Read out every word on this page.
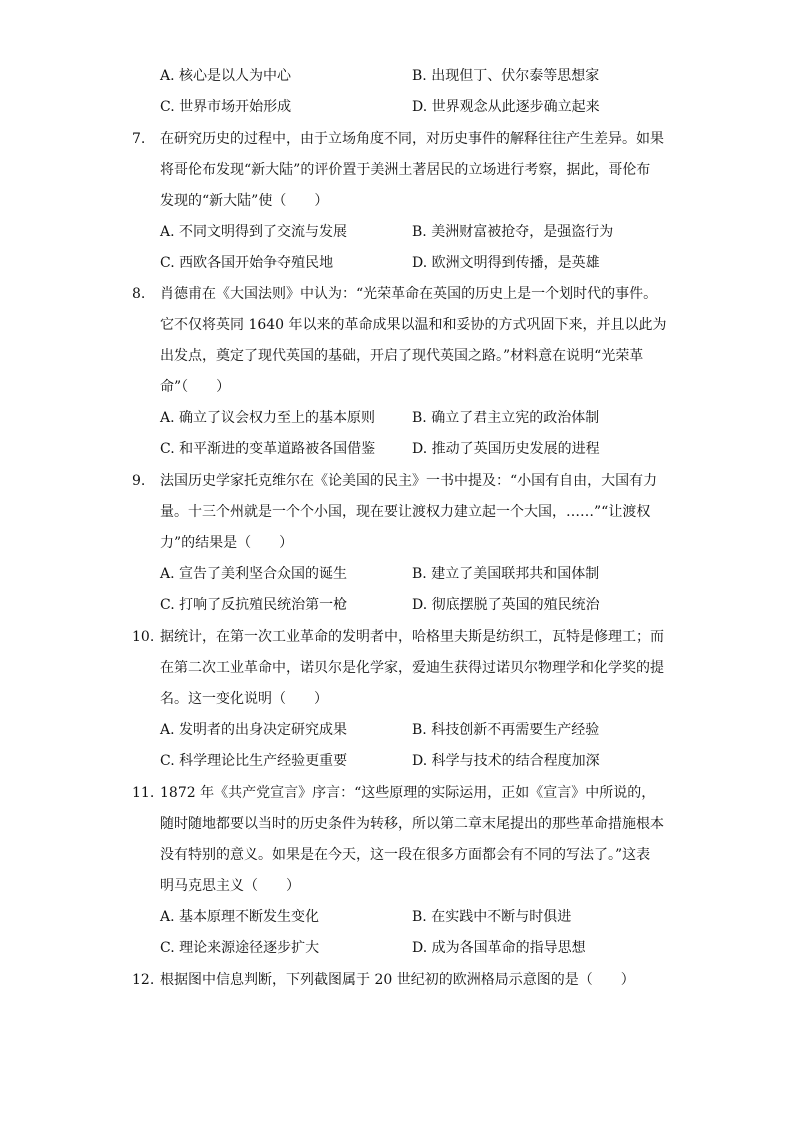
A. 核心是以人为中心	B. 出现但丁、伏尔泰等思想家
C. 世界市场开始形成	D. 世界观念从此逐步确立起来
7.	在研究历史的过程中，由于立场角度不同，对历史事件的解释往往产生差异。如果

将哥伦布发现“新大陆”的评价置于美洲土著居民的立场进行考察，据此，哥伦布

发现的“新大陆”使（　　）

A. 不同文明得到了交流与发展	B. 美洲财富被抢夺，是强盗行为
C. 西欧各国开始争夺殖民地	D. 欧洲文明得到传播，是英雄
8.	肖德甫在《大国法则》中认为：“光荣革命在英国的历史上是一个划时代的事件。

它不仅将英同 1640 年以来的革命成果以温和和妥协的方式巩固下来，并且以此为

出发点，奠定了现代英国的基础，开启了现代英国之路。”材料意在说明“光荣革

命”（　　）

A. 确立了议会权力至上的基本原则	B. 确立了君主立宪的政治体制
C. 和平渐进的变革道路被各国借鉴	D. 推动了英国历史发展的进程
9.	法国历史学家托克维尔在《论美国的民主》一书中提及：“小国有自由，大国有力

量。十三个州就是一个个小国，现在要让渡权力建立起一个大国，……”“让渡权

力”的结果是（　　）

A. 宣告了美利坚合众国的诞生	B. 建立了美国联邦共和国体制
C. 打响了反抗殖民统治第一枪	D. 彻底摆脱了英国的殖民统治
10. 据统计，在第一次工业革命的发明者中，哈格里夫斯是纺织工，瓦特是修理工；而

在第二次工业革命中，诺贝尔是化学家，爱迪生获得过诺贝尔物理学和化学奖的提

名。这一变化说明（　　）

A. 发明者的出身决定研究成果	B. 科技创新不再需要生产经验
C. 科学理论比生产经验更重要	D. 科学与技术的结合程度加深
11. 1872 年《共产党宣言》序言：“这些原理的实际运用，正如《宣言》中所说的，

随时随地都要以当时的历史条件为转移，所以第二章末尾提出的那些革命措施根本

没有特别的意义。如果是在今天，这一段在很多方面都会有不同的写法了。”这表

明马克思主义（　　）

A. 基本原理不断发生变化	B. 在实践中不断与时俱进
C. 理论来源途径逐步扩大	D. 成为各国革命的指导思想
12. 根据图中信息判断，下列截图属于 20 世纪初的欧洲格局示意图的是（　　）
